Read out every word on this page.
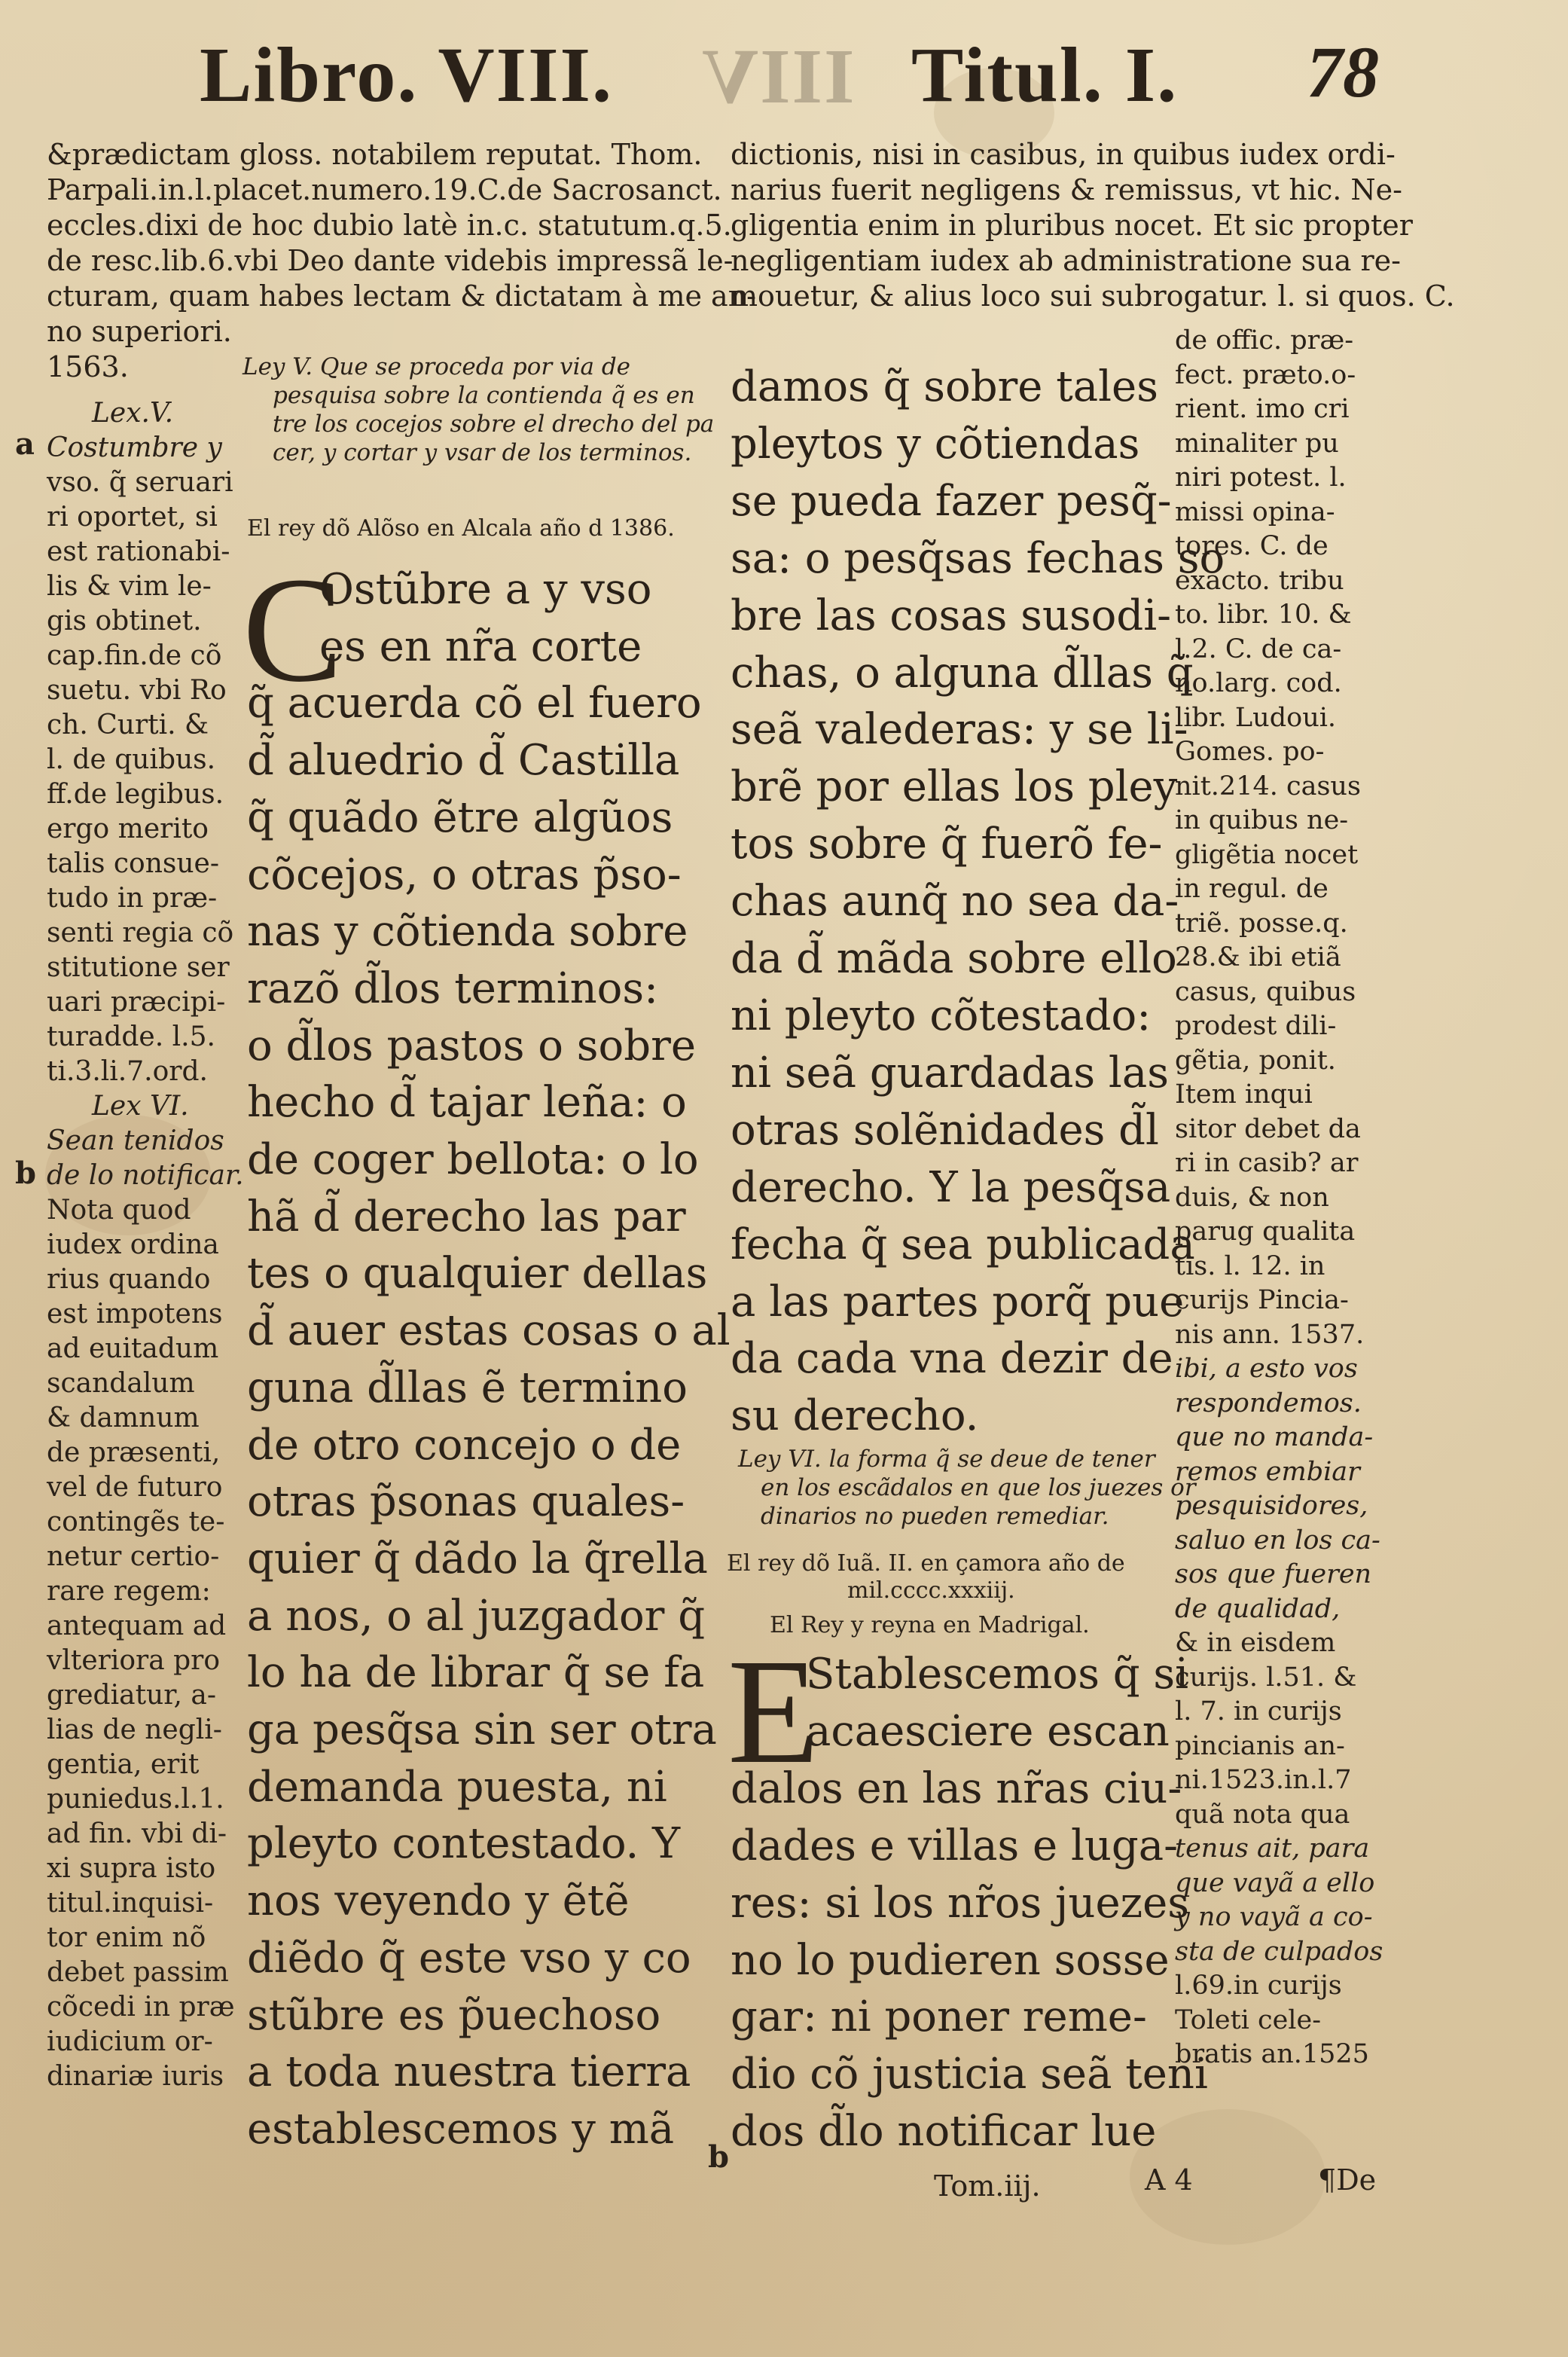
Libro. VIII. IIIV Titul. I. 78
&prædictam gloss. notabilem reputat. Thom.
Parpali.in.l.placet.numero.19.C.de Sacrosanct.
eccles.dixi de hoc dubio latè in.c. statutum.q.5.
de resc.lib.6.vbi Deo dante videbis impressã le-
cturam, quam habes lectam & dictatam à me an-
no superiori.
1563.
dictionis, nisi in casibus, in quibus iudex ordi-
narius fuerit negligens & remissus, vt hic. Ne-
gligentia enim in pluribus nocet. Et sic propter
negligentiam iudex ab administratione sua re-
mouetur, & alius loco sui subrogatur. l. si quos. C.
Lex.V.
Costumbre y
vso. q̃ seruari
ri oportet, si
est rationabi-
lis & vim le-
gis obtinet.
cap.fin.de cõ
suetu. vbi Ro
ch. Curti. &
l. de quibus.
ff.de legibus.
ergo merito
talis consue-
tudo in præ-
senti regia cõ
stitutione ser
uari præcipi-
turadde. l.5.
ti.3.li.7.ord.
Lex VI.
Sean tenidos
de lo notificar.
Nota quod
iudex ordina
rius quando
est impotens
ad euitadum
scandalum
& damnum
de præsenti,
vel de futuro
contingẽs te-
netur certio-
rare regem:
antequam ad
vlteriora pro
grediatur, a-
lias de negli-
gentia, erit
puniedus.l.1.
ad fin. vbi di-
xi supra isto
titul.inquisi-
tor enim nõ
debet passim
cõcedi in præ
iudicium or-
dinariæ iuris
a
b
b
de offic. præ-
fect. præto.o-
rient. imo cri
minaliter pu
niri potest. l.
missi opina-
tores. C. de
exacto. tribu
to. libr. 10. &
l.2. C. de ca-
no.larg. cod.
libr. Ludoui.
Gomes. po-
nit.214. casus
in quibus ne-
gligẽtia nocet
in regul. de
triẽ. posse.q.
28.& ibi etiã
casus, quibus
prodest dili-
gẽtia, ponit.
Item inqui
sitor debet da
ri in casib? ar
duis, & non
parug qualita
tis. l. 12. in
curijs Pincia-
nis ann. 1537.
ibi, a esto vos
respondemos.
que no manda-
remos embiar
pesquisidores,
saluo en los ca-
sos que fueren
de qualidad,
& in eisdem
curijs. l.51. &
l. 7. in curijs
pincianis an-
ni.1523.in.l.7
quã nota qua
tenus ait, para
que vayã a ello
y no vayã a co-
sta de culpados
l.69.in curijs
Toleti cele-
bratis an.1525
Ley V. Que se proceda por via de
pesquisa sobre la contienda q̃ es en
tre los cocejos sobre el drecho del pa
cer, y cortar y vsar de los terminos.
El rey dõ Alõso en Alcala año d 1386.
C
Ostũbre a y vso
es en nr̃a corte
q̃ acuerda cõ el fuero
d̃ aluedrio d̃ Castilla
q̃ quãdo ẽtre algũos
cõcejos, o otras p̃so-
nas y cõtienda sobre
razõ d̃los terminos:
o d̃los pastos o sobre
hecho d̃ tajar leña: o
de coger bellota: o lo
hã d̃ derecho las par
tes o qualquier dellas
d̃ auer estas cosas o al
guna d̃llas ẽ termino
de otro concejo o de
otras p̃sonas quales-
quier q̃ dãdo la q̃rella
a nos, o al juzgador q̃
lo ha de librar q̃ se fa
ga pesq̃sa sin ser otra
demanda puesta, ni
pleyto contestado. Y
nos veyendo y ẽtẽ
diẽdo q̃ este vso y co
stũbre es p̃uechoso
a toda nuestra tierra
establescemos y mã
damos q̃ sobre tales
pleytos y cõtiendas
se pueda fazer pesq̃-
sa: o pesq̃sas fechas so
bre las cosas susodi-
chas, o alguna d̃llas q̃
seã valederas: y se li-
brẽ por ellas los pley
tos sobre q̃ fuerõ fe-
chas aunq̃ no sea da-
da d̃ mãda sobre ello
ni pleyto cõtestado:
ni seã guardadas las
otras solẽnidades d̃l
derecho. Y la pesq̃sa
fecha q̃ sea publicada
a las partes porq̃ pue
da cada vna dezir de
su derecho.
Ley VI. la forma q̃ se deue de tener
en los escãdalos en que los juezes or
dinarios no pueden remediar.
El rey dõ Iuã. II. en çamora año de
mil.cccc.xxxiij.
El Rey y reyna en Madrigal.
E
Stablescemos q̃ si
acaesciere escan
dalos en las nr̃as ciu-
dades e villas e luga-
res: si los nr̃os juezes
no lo pudieren sosse
gar: ni poner reme-
dio cõ justicia seã teni
dos d̃lo notificar lue
Tom.iij.	A 4	¶De
